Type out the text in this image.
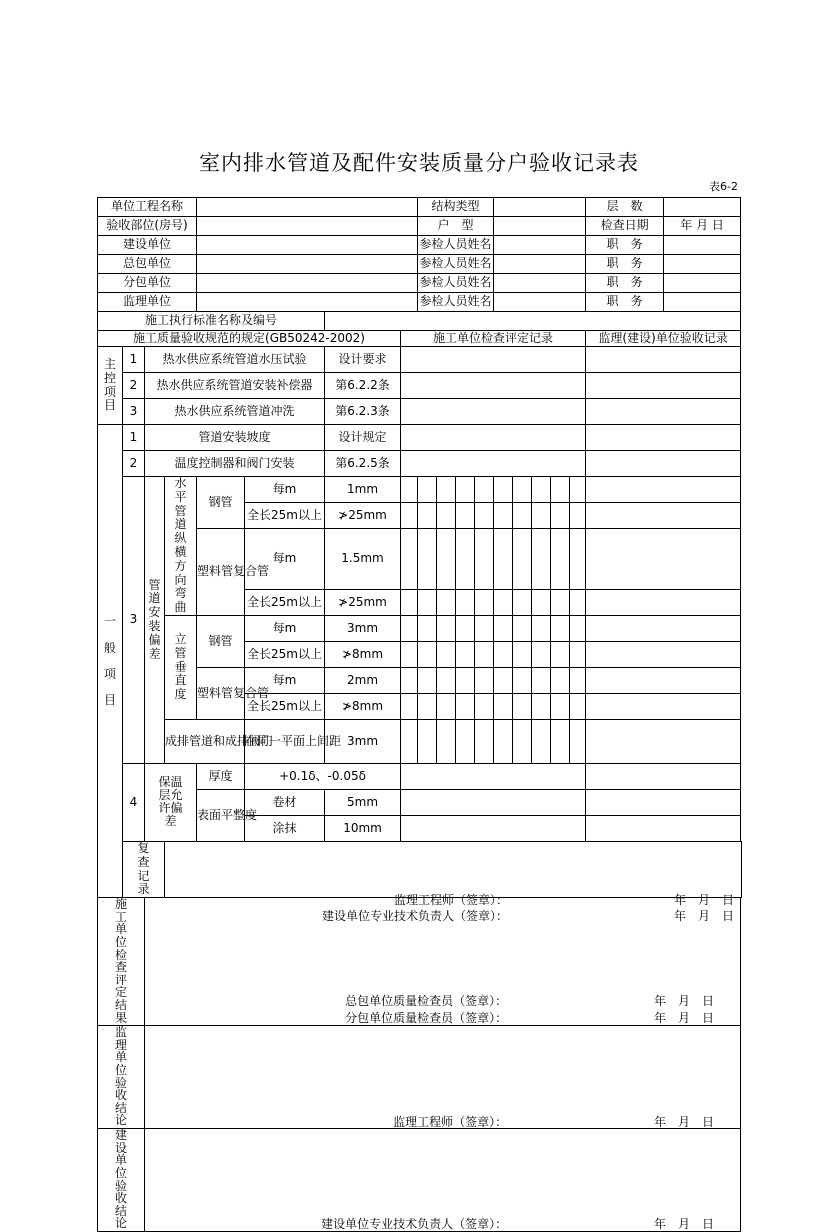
室内排水管道及配件安装质量分户验收记录表
表6-2
单位工程名称								结构类型									层　数	
验收部位(房号)								户　型									检查日期	年 月 日
建设单位								参检人员姓名									职　务	
总包单位								参检人员姓名									职　务	
分包单位								参检人员姓名									职　务	
监理单位								参检人员姓名									职　务	
施工执行标准名称及编号																		
施工质量验收规范的规定(GB50242-2002)							施工单位检查评定记录										监理(建设)单位验收记录	
主控项目	1	热水供应系统管道水压试验				设计要求												
	2	热水供应系统管道安装补偿器				第6.2.2条												
	3	热水供应系统管道冲洗				第6.2.3条												
一般项目	1	管道安装坡度				设计规定												
	2	温度控制器和阀门安装				第6.2.5条												
	3	管道安装偏差	水平管道纵横方向弯曲	钢管	每m	1mm												
					全长25m以上	≯25mm												
				塑料管复合管	每m	1.5mm												
					全长25m以上	≯25mm												
			立管垂直度	钢管	每m	3mm												
					全长25m以上	≯8mm												
				塑料管复合管	每m	2mm												
					全长25m以上	≯8mm												
			成排管道和成排阀门		在同一平面上间距	3mm												
	4	保温层允许偏差		厚度	+0.1δ、-0.05δ													
				表面平整度	卷材	5mm												
					涂抹	10mm												
	复查记录		监理工程师（签章）： 年 月 日
建设单位专业技术负责人（签章）： 年 月 日															

施工单位检查评定结果		总包单位质量检查员（签章）： 年 月 日
分包单位质量检查员（签章）： 年 月 日																

监理单位验收结论		监理工程师（签章）： 年 月 日																

建设单位验收结论		建设单位专业技术负责人（签章）： 年 月 日																
